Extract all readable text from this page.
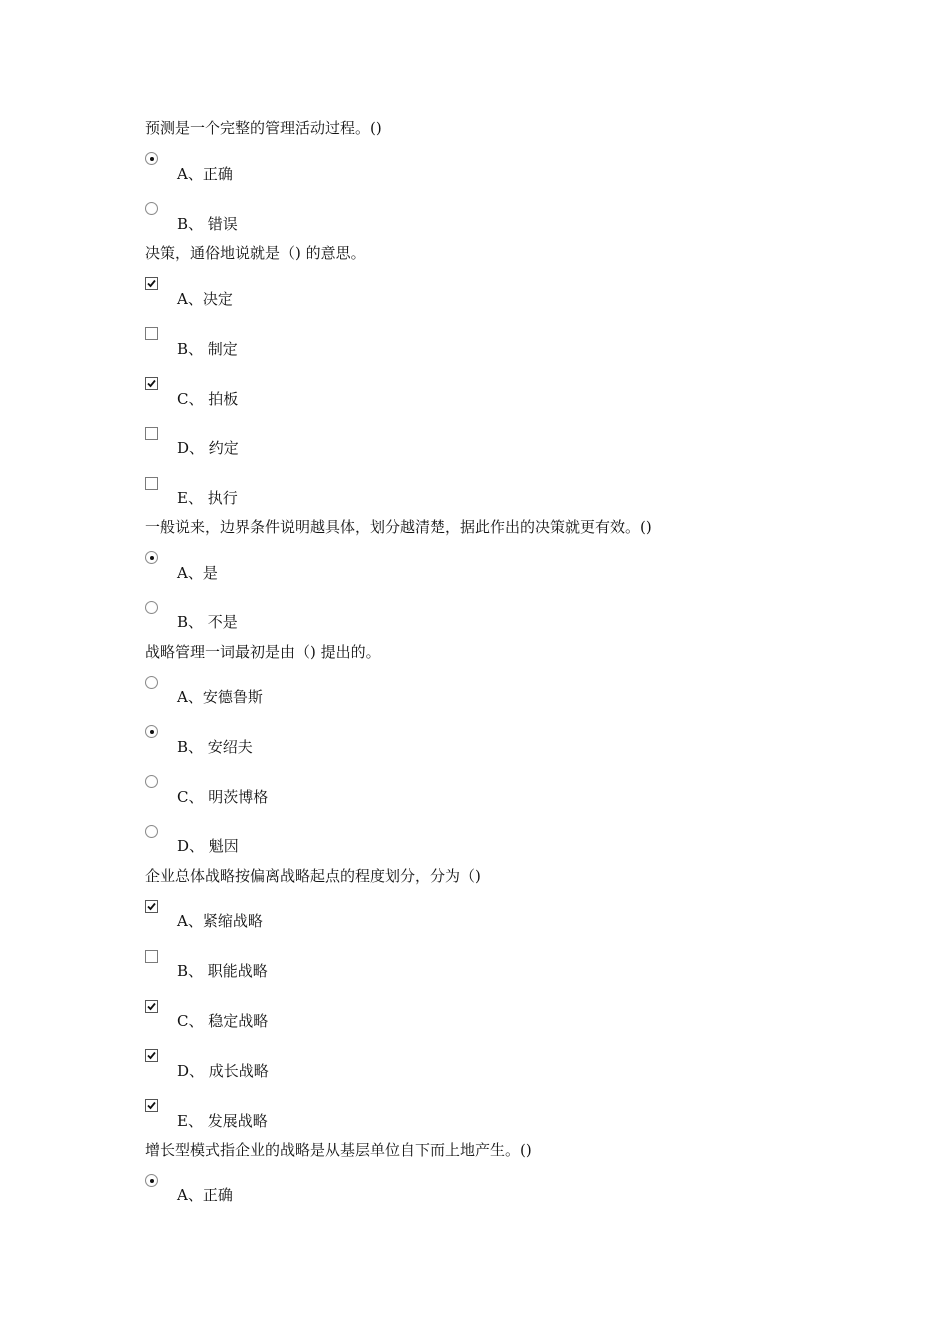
预测是一个完整的管理活动过程。()
A、正确
B、 错误
决策，通俗地说就是（) 的意思。
A、决定
B、 制定
C、 拍板
D、 约定
E、 执行
一般说来，边界条件说明越具体，划分越清楚，据此作出的决策就更有效。()
A、是
B、 不是
战略管理一词最初是由（) 提出的。
A、安德鲁斯
B、 安绍夫
C、 明茨博格
D、 魁因
企业总体战略按偏离战略起点的程度划分，分为（)
A、紧缩战略
B、 职能战略
C、 稳定战略
D、 成长战略
E、 发展战略
增长型模式指企业的战略是从基层单位自下而上地产生。()
A、正确
